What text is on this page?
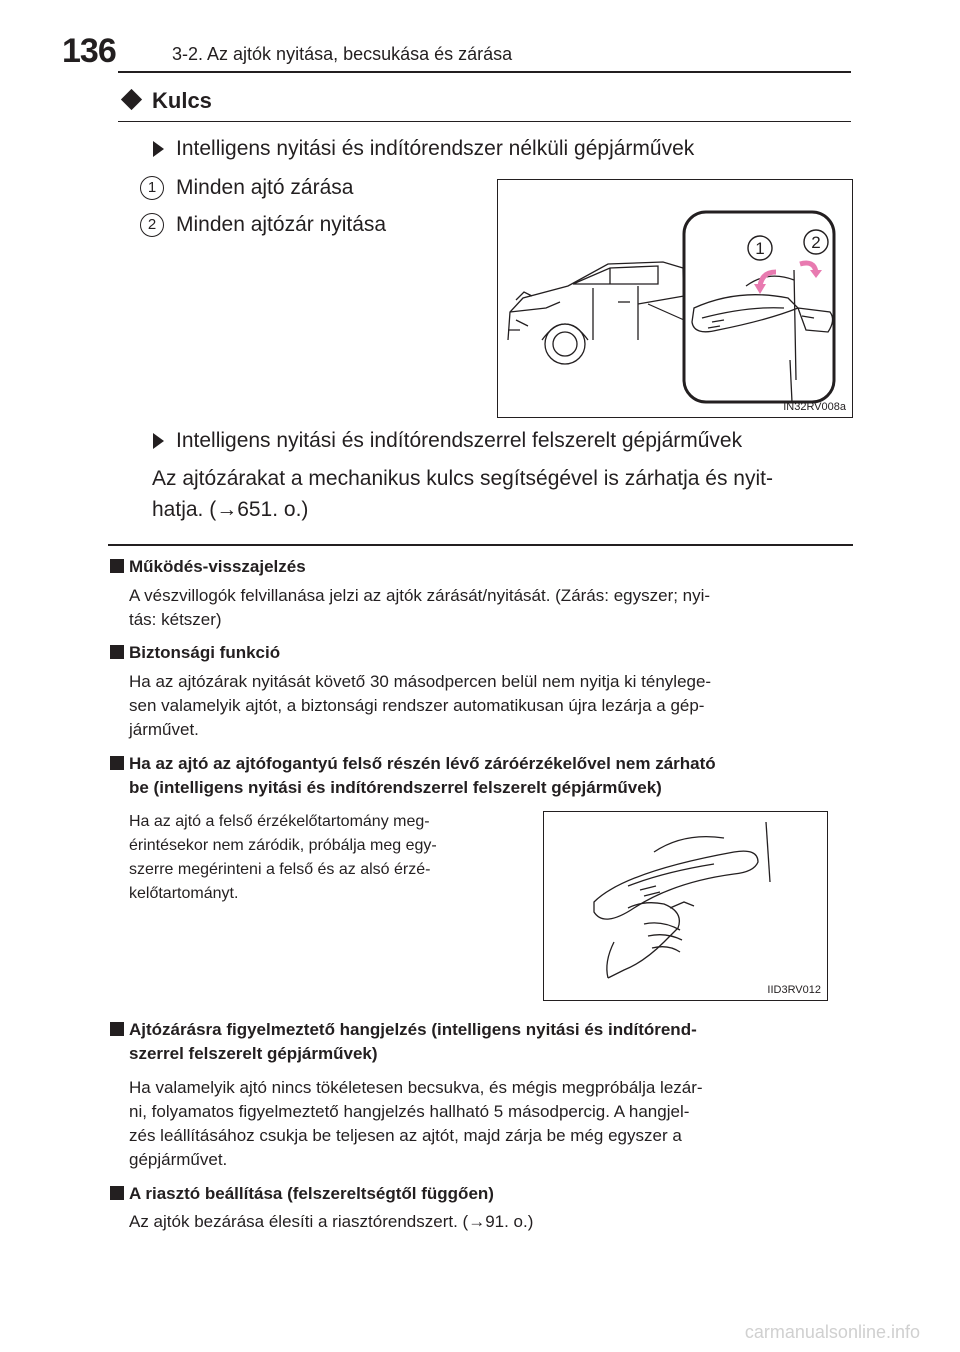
136	3-2. Az ajtók nyitása, becsukása és zárása
Kulcs
Intelligens nyitási és indítórendszer nélküli gépjárművek
1 Minden ajtó zárása
2 Minden ajtózár nyitása
1	2
IN32RV008a
Intelligens nyitási és indítórendszerrel felszerelt gépjárművek
Az ajtózárakat a mechanikus kulcs segítségével is zárhatja és nyit-
hatja. (→651. o.)
Működés-visszajelzés
A vészvillogók felvillanása jelzi az ajtók zárását/nyitását. (Zárás: egyszer; nyi-
tás: kétszer)
Biztonsági funkció
Ha az ajtózárak nyitását követő 30 másodpercen belül nem nyitja ki ténylege-
sen valamelyik ajtót, a biztonsági rendszer automatikusan újra lezárja a gép-
járművet.
Ha az ajtó az ajtófogantyú felső részén lévő záróérzékelővel nem zárható
be (intelligens nyitási és indítórendszerrel felszerelt gépjárművek)
Ha az ajtó a felső érzékelőtartomány meg-
érintésekor nem záródik, próbálja meg egy-
szerre megérinteni a felső és az alsó érzé-
kelőtartományt.
IID3RV012
Ajtózárásra figyelmeztető hangjelzés (intelligens nyitási és indítórend-
szerrel felszerelt gépjárművek)
Ha valamelyik ajtó nincs tökéletesen becsukva, és mégis megpróbálja lezár-
ni, folyamatos figyelmeztető hangjelzés hallható 5 másodpercig. A hangjel-
zés leállításához csukja be teljesen az ajtót, majd zárja be még egyszer a
gépjárművet.
A riasztó beállítása (felszereltségtől függően)
Az ajtók bezárása élesíti a riasztórendszert. (→91. o.)
carmanualsonline.info
